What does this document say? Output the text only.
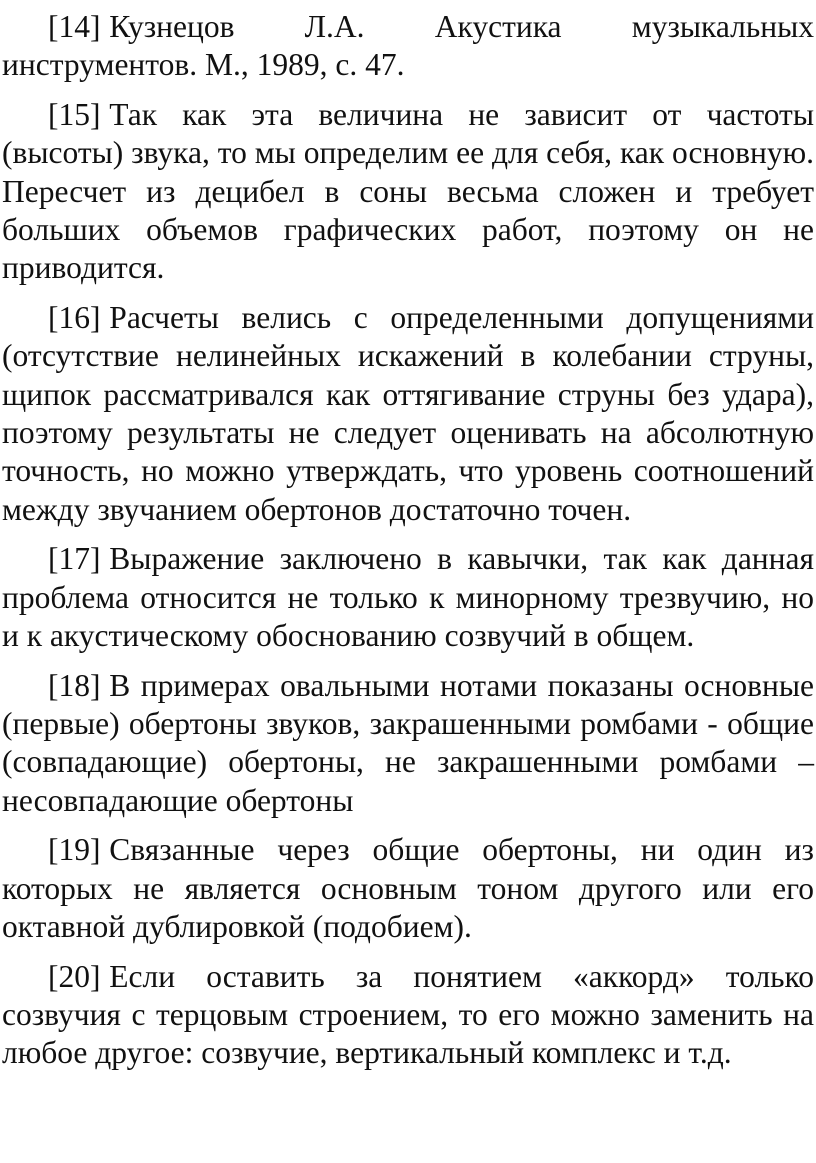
[14] Кузнецов Л.А. Акустика музыкальных инструментов. М., 1989, с. 47.

[15] Так как эта величина не зависит от частоты (высоты) звука, то мы определим ее для себя, как основную. Пересчет из децибел в соны весьма сложен и требует больших объемов графических работ, поэтому он не приводится.

[16] Расчеты велись с определенными допущениями (отсутствие нелинейных искажений в колебании струны, щипок рассматривался как оттягивание струны без удара), поэтому результаты не следует оценивать на абсолютную точность, но можно утверждать, что уровень соотношений между звучанием обертонов достаточно точен.

[17] Выражение заключено в кавычки, так как данная проблема относится не только к минорному трезвучию, но и к акустическому обоснованию созвучий в общем.

[18] В примерах овальными нотами показаны основные (первые) обертоны звуков, закрашенными ромбами - общие (совпадающие) обертоны, не закрашенными ромбами – несовпадающие обертоны

[19] Связанные через общие обертоны, ни один из которых не является основным тоном другого или его октавной дублировкой (подобием).

[20] Если оставить за понятием «аккорд» только созвучия с терцовым строением, то его можно заменить на любое другое: созвучие, вертикальный комплекс и т.д.
